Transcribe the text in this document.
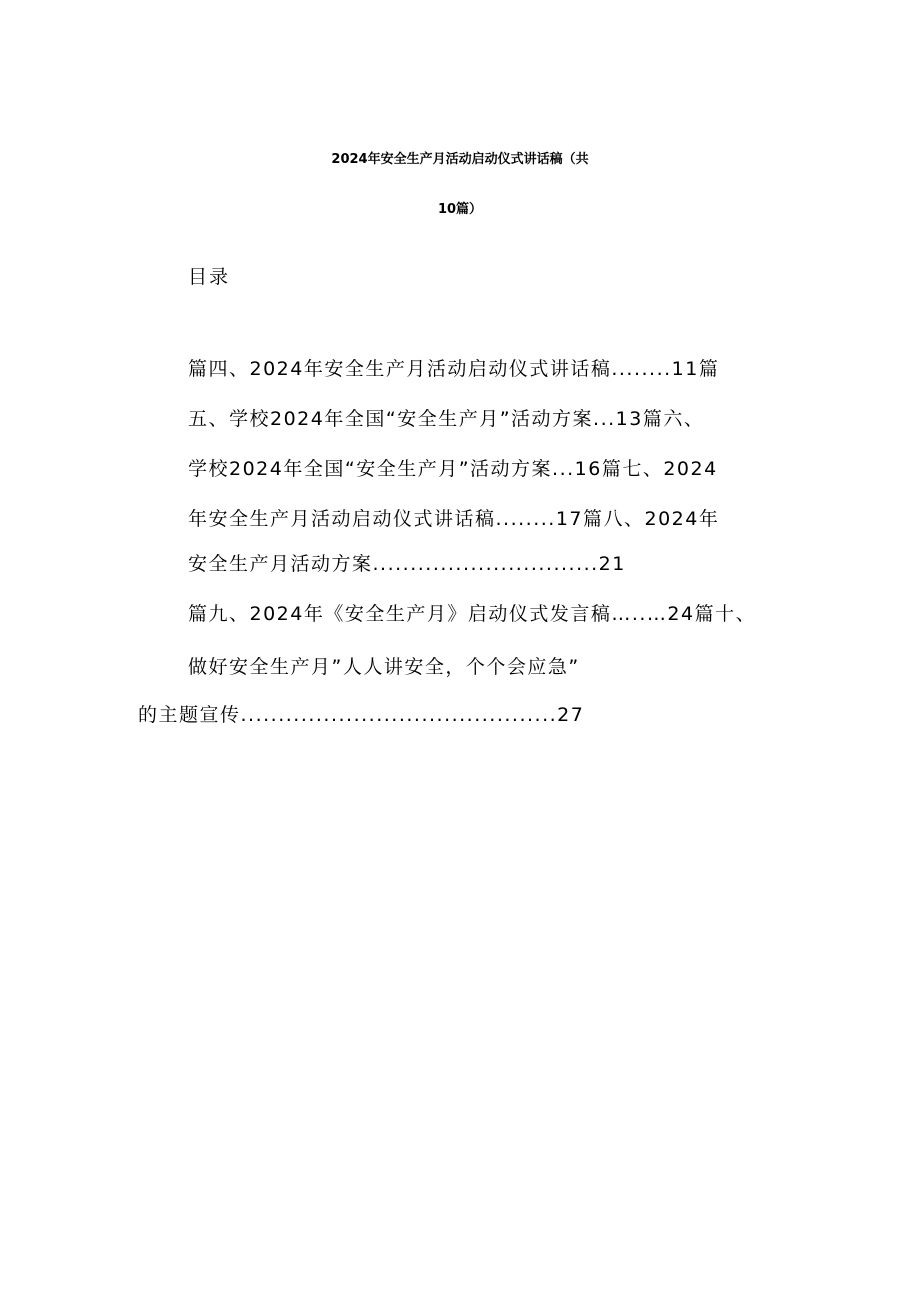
2024年安全生产月活动启动仪式讲话稿（共
10篇）

目录

篇四、2024年安全生产月活动启动仪式讲话稿........11篇

五、学校2024年全国“安全生产月”活动方案...13篇六、

学校2024年全国“安全生产月”活动方案...16篇七、2024

年安全生产月活动启动仪式讲话稿........17篇八、2024年

安全生产月活动方案..............................21

篇九、2024年《安全生产月》启动仪式发言稿…..…24篇十、

做好安全生产月”人人讲安全，个个会应急”

的主题宣传..........................................27
